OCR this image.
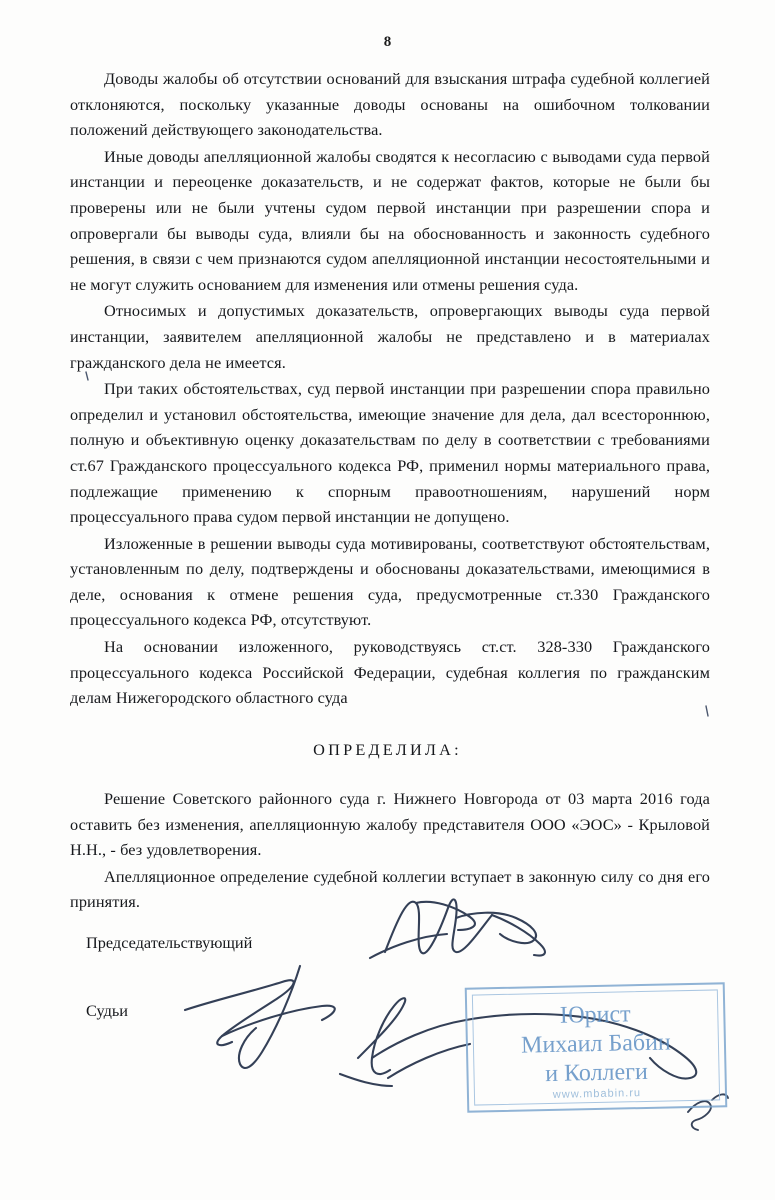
8

Доводы жалобы об отсутствии оснований для взыскания штрафа судебной коллегией отклоняются, поскольку указанные доводы основаны на ошибочном толковании положений действующего законодательства.

Иные доводы апелляционной жалобы сводятся к несогласию с выводами суда первой инстанции и переоценке доказательств, и не содержат фактов, которые не были бы проверены или не были учтены судом первой инстанции при разрешении спора и опровергали бы выводы суда, влияли бы на обоснованность и законность судебного решения, в связи с чем признаются судом апелляционной инстанции несостоятельными и не могут служить основанием для изменения или отмены решения суда.

Относимых и допустимых доказательств, опровергающих выводы суда первой инстанции, заявителем апелляционной жалобы не представлено и в материалах гражданского дела не имеется.

При таких обстоятельствах, суд первой инстанции при разрешении спора правильно определил и установил обстоятельства, имеющие значение для дела, дал всестороннюю, полную и объективную оценку доказательствам по делу в соответствии с требованиями ст.67 Гражданского процессуального кодекса РФ, применил нормы материального права, подлежащие применению к спорным правоотношениям, нарушений норм процессуального права судом первой инстанции не допущено.

Изложенные в решении выводы суда мотивированы, соответствуют обстоятельствам, установленным по делу, подтверждены и обоснованы доказательствами, имеющимися в деле, основания к отмене решения суда, предусмотренные ст.330 Гражданского процессуального кодекса РФ, отсутствуют.

На основании изложенного, руководствуясь ст.ст. 328-330 Гражданского процессуального кодекса Российской Федерации, судебная коллегия по гражданским делам Нижегородского областного суда

ОПРЕДЕЛИЛА:

Решение Советского районного суда г. Нижнего Новгорода от 03 марта 2016 года оставить без изменения, апелляционную жалобу представителя ООО «ЭОС» - Крыловой Н.Н., - без удовлетворения.

Апелляционное определение судебной коллегии вступает в законную силу со дня его принятия.

Председательствующий
Судьи	Юрист
Михаил Бабин
и Коллеги
www.mbabin.ru
